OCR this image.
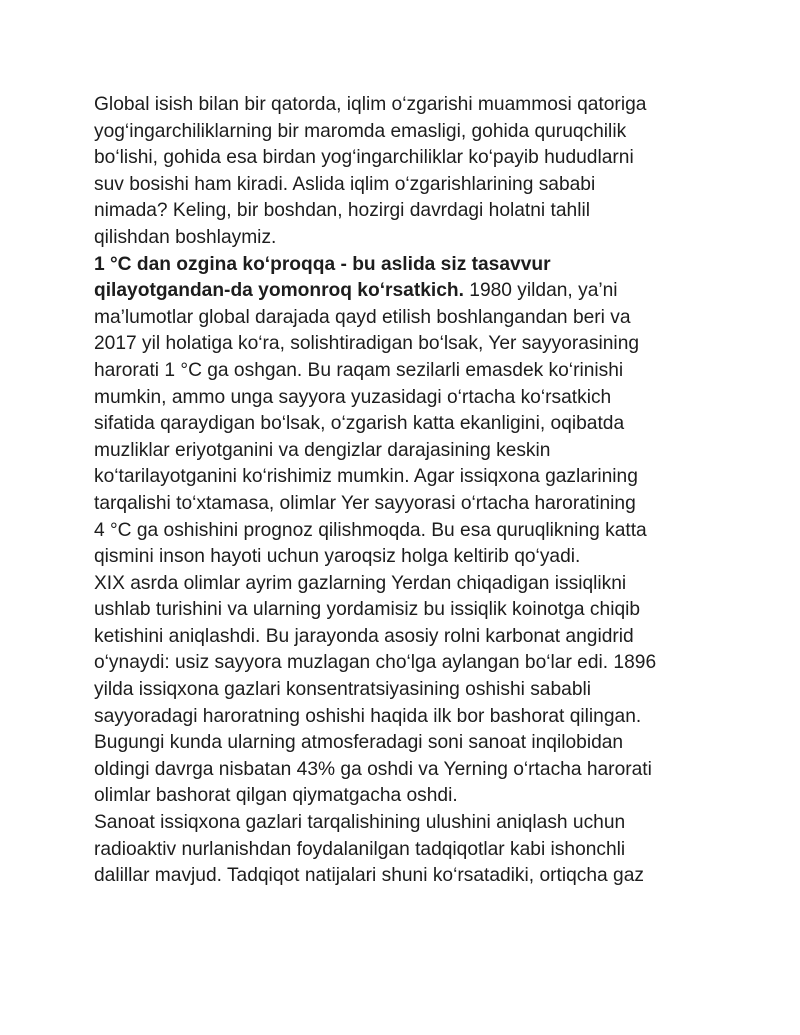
Global isish bilan bir qatorda, iqlim o‘zgarishi muammosi qatoriga
yog‘ingarchiliklarning bir maromda emasligi, gohida quruqchilik
bo‘lishi, gohida esa birdan yog‘ingarchiliklar ko‘payib hududlarni
suv bosishi ham kiradi. Aslida iqlim o‘zgarishlarining sababi
nimada? Keling, bir boshdan, hozirgi davrdagi holatni tahlil
qilishdan boshlaymiz.
1 °C dan ozgina ko‘proqqa - bu aslida siz tasavvur
qilayotgandan-da yomonroq ko‘rsatkich. 1980 yildan, ya’ni
ma’lumotlar global darajada qayd etilish boshlangandan beri va
2017 yil holatiga ko‘ra, solishtiradigan bo‘lsak, Yer sayyorasining
harorati 1 °C ga oshgan. Bu raqam sezilarli emasdek ko‘rinishi
mumkin, ammo unga sayyora yuzasidagi o‘rtacha ko‘rsatkich
sifatida qaraydigan bo‘lsak, o‘zgarish katta ekanligini, oqibatda
muzliklar eriyotganini va dengizlar darajasining keskin
ko‘tarilayotganini ko‘rishimiz mumkin. Agar issiqxona gazlarining
tarqalishi to‘xtamasa, olimlar Yer sayyorasi o‘rtacha haroratining
4 °C ga oshishini prognoz qilishmoqda. Bu esa quruqlikning katta
qismini inson hayoti uchun yaroqsiz holga keltirib qo‘yadi.
XIX asrda olimlar ayrim gazlarning Yerdan chiqadigan issiqlikni
ushlab turishini va ularning yordamisiz bu issiqlik koinotga chiqib
ketishini aniqlashdi. Bu jarayonda asosiy rolni karbonat angidrid
o‘ynaydi: usiz sayyora muzlagan cho‘lga aylangan bo‘lar edi. 1896
yilda issiqxona gazlari konsentratsiyasining oshishi sababli
sayyoradagi haroratning oshishi haqida ilk bor bashorat qilingan.
Bugungi kunda ularning atmosferadagi soni sanoat inqilobidan
oldingi davrga nisbatan 43% ga oshdi va Yerning o‘rtacha harorati
olimlar bashorat qilgan qiymatgacha oshdi.
Sanoat issiqxona gazlari tarqalishining ulushini aniqlash uchun
radioaktiv nurlanishdan foydalanilgan tadqiqotlar kabi ishonchli
dalillar mavjud. Tadqiqot natijalari shuni ko‘rsatadiki, ortiqcha gaz
